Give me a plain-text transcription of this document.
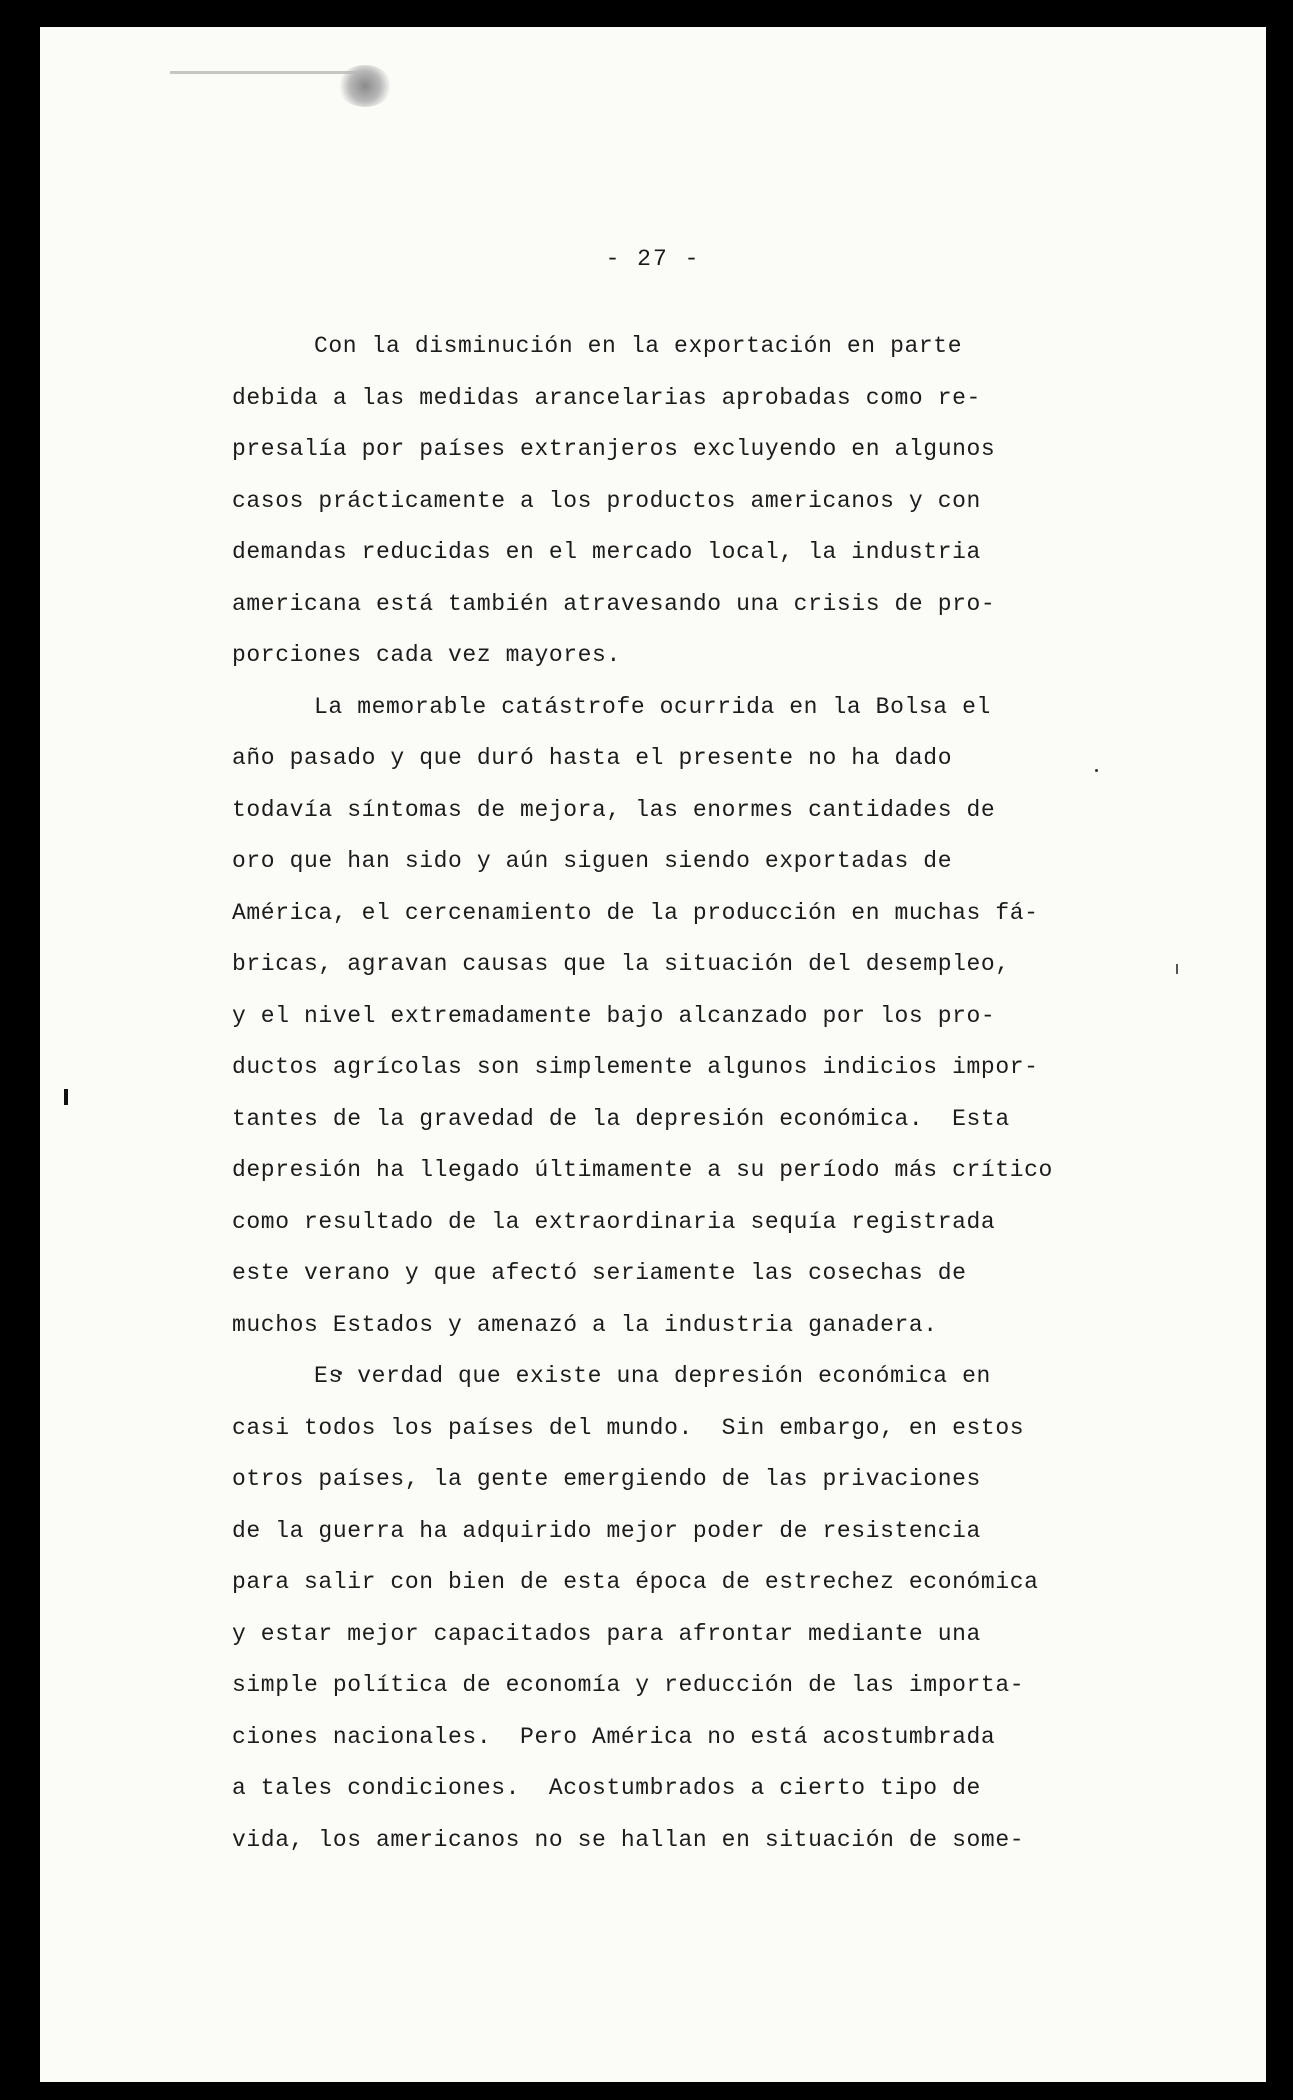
- 27 -

Con la disminución en la exportación en parte

debida a las medidas arancelarias aprobadas como re-

presalía por países extranjeros excluyendo en algunos

casos prácticamente a los productos americanos y con

demandas reducidas en el mercado local, la industria

americana está también atravesando una crisis de pro-

porciones cada vez mayores.

La memorable catástrofe ocurrida en la Bolsa el

año pasado y que duró hasta el presente no ha dado

todavía síntomas de mejora, las enormes cantidades de

oro que han sido y aún siguen siendo exportadas de

América, el cercenamiento de la producción en muchas fá-

bricas, agravan causas que la situación del desempleo,

y el nivel extremadamente bajo alcanzado por los pro-

ductos agrícolas son simplemente algunos indicios impor-

tantes de la gravedad de la depresión económica.  Esta

depresión ha llegado últimamente a su período más crítico

como resultado de la extraordinaria sequía registrada

este verano y que afectó seriamente las cosechas de

muchos Estados y amenazó a la industria ganadera.

Es verdad que existe una depresión económica en

casi todos los países del mundo.  Sin embargo, en estos

otros países, la gente emergiendo de las privaciones

de la guerra ha adquirido mejor poder de resistencia

para salir con bien de esta época de estrechez económica

y estar mejor capacitados para afrontar mediante una

simple política de economía y reducción de las importa-

ciones nacionales.  Pero América no está acostumbrada

a tales condiciones.  Acostumbrados a cierto tipo de

vida, los americanos no se hallan en situación de some-
